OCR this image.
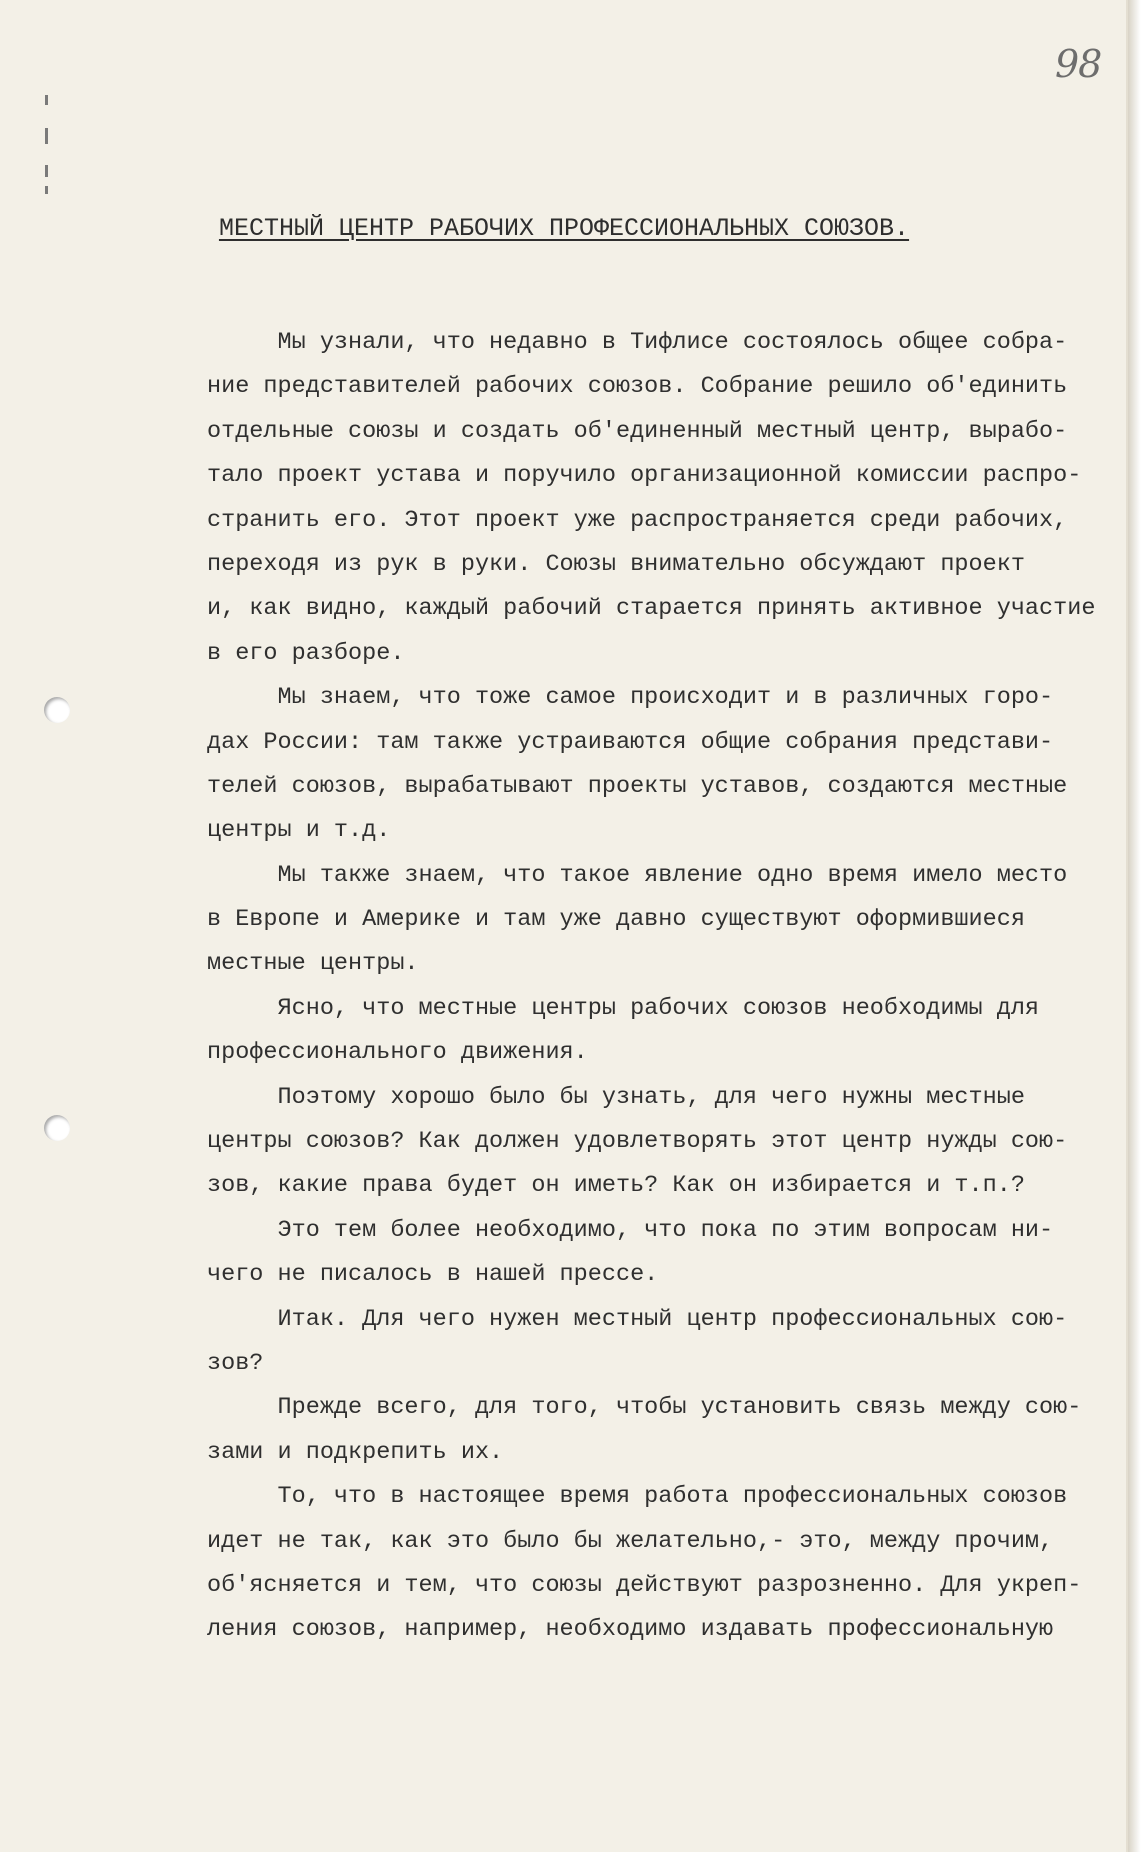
98
МЕСТНЫЙ ЦЕНТР РАБОЧИХ ПРОФЕССИОНАЛЬНЫХ СОЮЗОВ.
Мы узнали, что недавно в Тифлисе состоялось общее собра-
ние представителей рабочих союзов. Собрание решило об'единить
отдельные союзы и создать об'единенный местный центр, вырабо-
тало проект устава и поручило организационной комиссии распро-
странить его. Этот проект уже распространяется среди рабочих,
переходя из рук в руки. Союзы внимательно обсуждают проект
и, как видно, каждый рабочий старается принять активное участие
в его разборе.
Мы знаем, что тоже самое происходит и в различных горо-
дах России: там также устраиваются общие собрания представи-
телей союзов, вырабатывают проекты уставов, создаются местные
центры и т.д.
Мы также знаем, что такое явление одно время имело место
в Европе и Америке и там уже давно существуют оформившиеся
местные центры.
Ясно, что местные центры рабочих союзов необходимы для
профессионального движения.
Поэтому хорошо было бы узнать, для чего нужны местные
центры союзов? Как должен удовлетворять этот центр нужды сою-
зов, какие права будет он иметь? Как он избирается и т.п.?
Это тем более необходимо, что пока по этим вопросам ни-
чего не писалось в нашей прессе.
Итак. Для чего нужен местный центр профессиональных сою-
зов?
Прежде всего, для того, чтобы установить связь между сою-
зами и подкрепить их.
То, что в настоящее время работа профессиональных союзов
идет не так, как это было бы желательно,- это, между прочим,
об'ясняется и тем, что союзы действуют разрозненно. Для укреп-
ления союзов, например, необходимо издавать профессиональную
